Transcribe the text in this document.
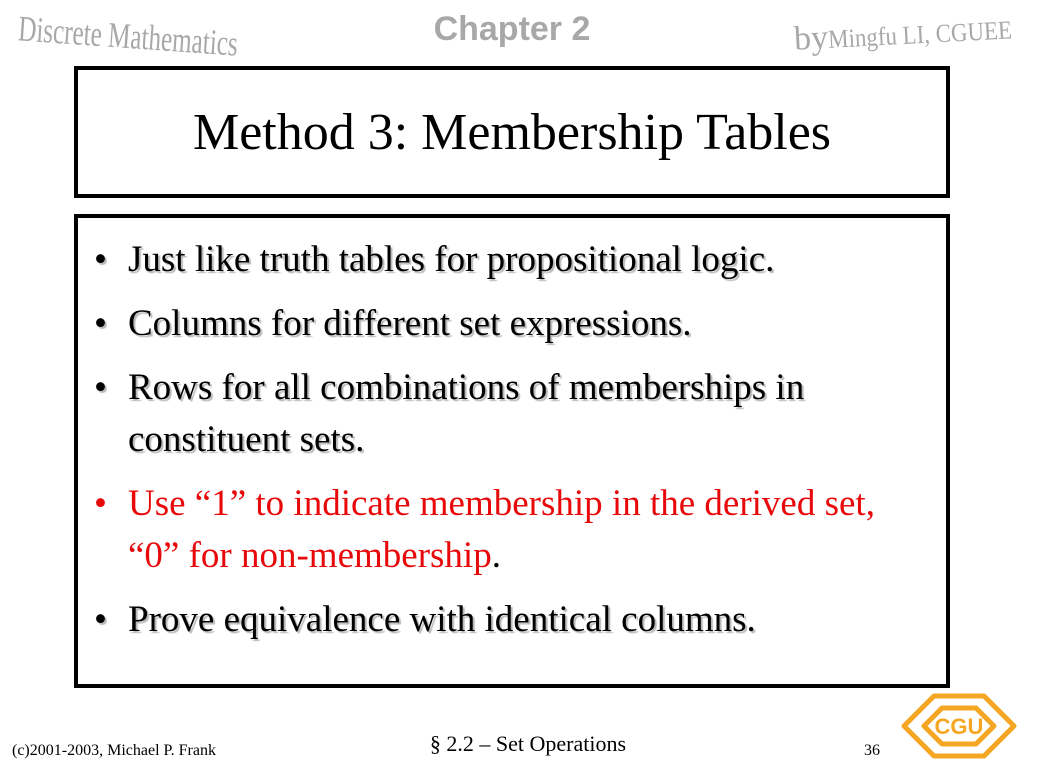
Discrete Mathematics	Chapter 2	by
Mingfu LI, CGUEE
Method 3: Membership Tables
• Just like truth tables for propositional logic.
• Columns for different set expressions.
• Rows for all combinations of memberships in constituent sets.
• Use “1” to indicate membership in the derived set, “0” for non-membership.
• Prove equivalence with identical columns.
(c)2001-2003, Michael P. Frank	§ 2.2 – Set Operations	36
CGU
